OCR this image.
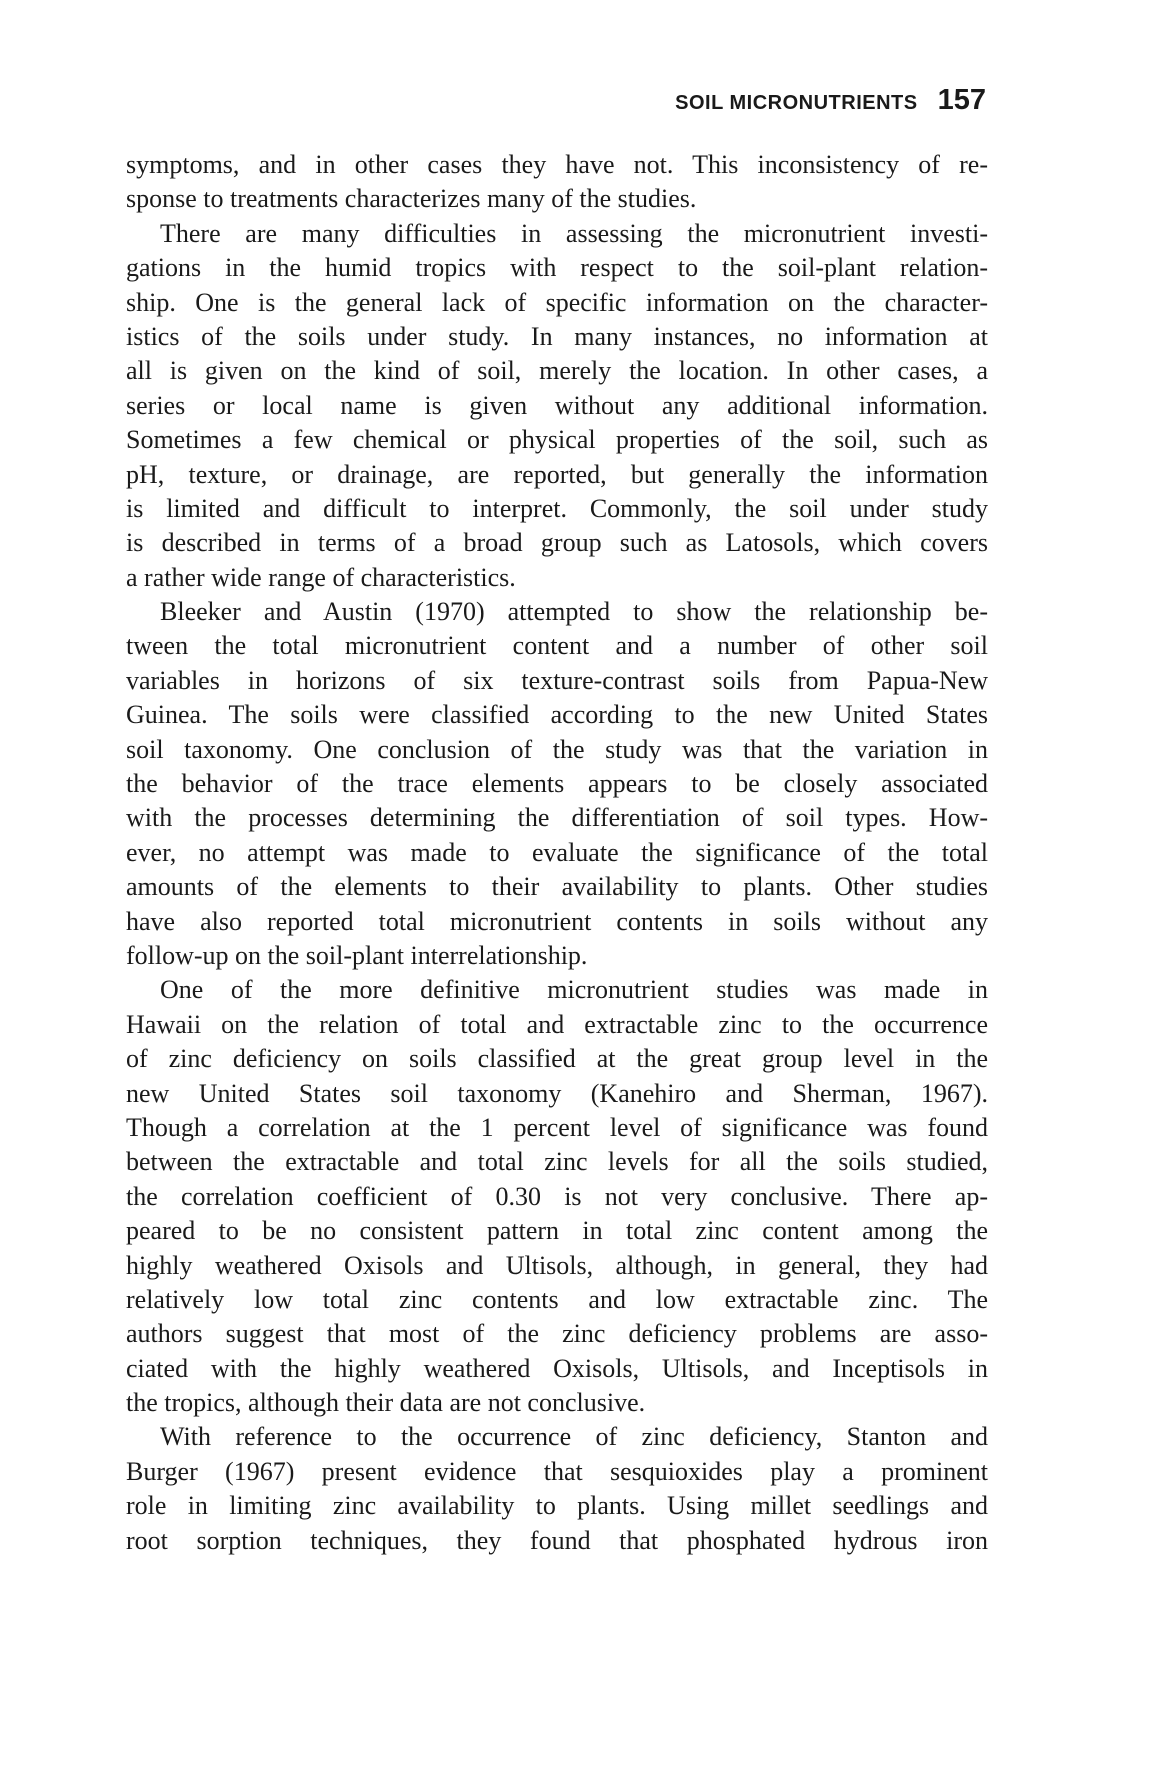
SOIL MICRONUTRIENTS 157
symptoms, and in other cases they have not. This inconsistency of re-
sponse to treatments characterizes many of the studies.
There are many difficulties in assessing the micronutrient investi-
gations in the humid tropics with respect to the soil-plant relation-
ship. One is the general lack of specific information on the character-
istics of the soils under study. In many instances, no information at
all is given on the kind of soil, merely the location. In other cases, a
series or local name is given without any additional information.
Sometimes a few chemical or physical properties of the soil, such as
pH, texture, or drainage, are reported, but generally the information
is limited and difficult to interpret. Commonly, the soil under study
is described in terms of a broad group such as Latosols, which covers
a rather wide range of characteristics.
Bleeker and Austin (1970) attempted to show the relationship be-
tween the total micronutrient content and a number of other soil
variables in horizons of six texture-contrast soils from Papua-New
Guinea. The soils were classified according to the new United States
soil taxonomy. One conclusion of the study was that the variation in
the behavior of the trace elements appears to be closely associated
with the processes determining the differentiation of soil types. How-
ever, no attempt was made to evaluate the significance of the total
amounts of the elements to their availability to plants. Other studies
have also reported total micronutrient contents in soils without any
follow-up on the soil-plant interrelationship.
One of the more definitive micronutrient studies was made in
Hawaii on the relation of total and extractable zinc to the occurrence
of zinc deficiency on soils classified at the great group level in the
new United States soil taxonomy (Kanehiro and Sherman, 1967).
Though a correlation at the 1 percent level of significance was found
between the extractable and total zinc levels for all the soils studied,
the correlation coefficient of 0.30 is not very conclusive. There ap-
peared to be no consistent pattern in total zinc content among the
highly weathered Oxisols and Ultisols, although, in general, they had
relatively low total zinc contents and low extractable zinc. The
authors suggest that most of the zinc deficiency problems are asso-
ciated with the highly weathered Oxisols, Ultisols, and Inceptisols in
the tropics, although their data are not conclusive.
With reference to the occurrence of zinc deficiency, Stanton and
Burger (1967) present evidence that sesquioxides play a prominent
role in limiting zinc availability to plants. Using millet seedlings and
root sorption techniques, they found that phosphated hydrous iron
